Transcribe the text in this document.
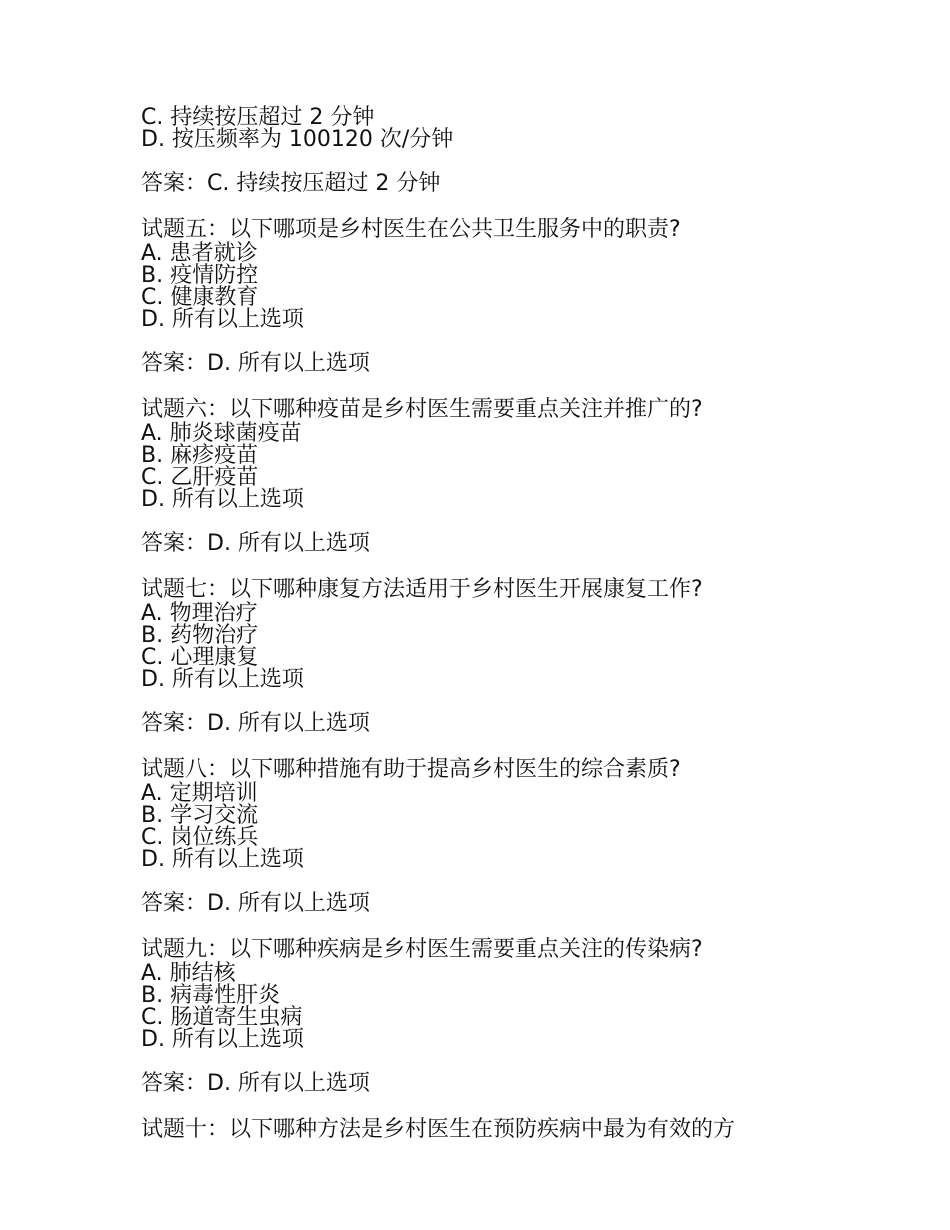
C. 持续按压超过 2 分钟
D. 按压频率为 100120 次/分钟
答案：C. 持续按压超过 2 分钟
试题五：以下哪项是乡村医生在公共卫生服务中的职责?
A. 患者就诊
B. 疫情防控
C. 健康教育
D. 所有以上选项
答案：D. 所有以上选项
试题六：以下哪种疫苗是乡村医生需要重点关注并推广的?
A. 肺炎球菌疫苗
B. 麻疹疫苗
C. 乙肝疫苗
D. 所有以上选项
答案：D. 所有以上选项
试题七：以下哪种康复方法适用于乡村医生开展康复工作?
A. 物理治疗
B. 药物治疗
C. 心理康复
D. 所有以上选项
答案：D. 所有以上选项
试题八：以下哪种措施有助于提高乡村医生的综合素质?
A. 定期培训
B. 学习交流
C. 岗位练兵
D. 所有以上选项
答案：D. 所有以上选项
试题九：以下哪种疾病是乡村医生需要重点关注的传染病?
A. 肺结核
B. 病毒性肝炎
C. 肠道寄生虫病
D. 所有以上选项
答案：D. 所有以上选项
试题十：以下哪种方法是乡村医生在预防疾病中最为有效的方
